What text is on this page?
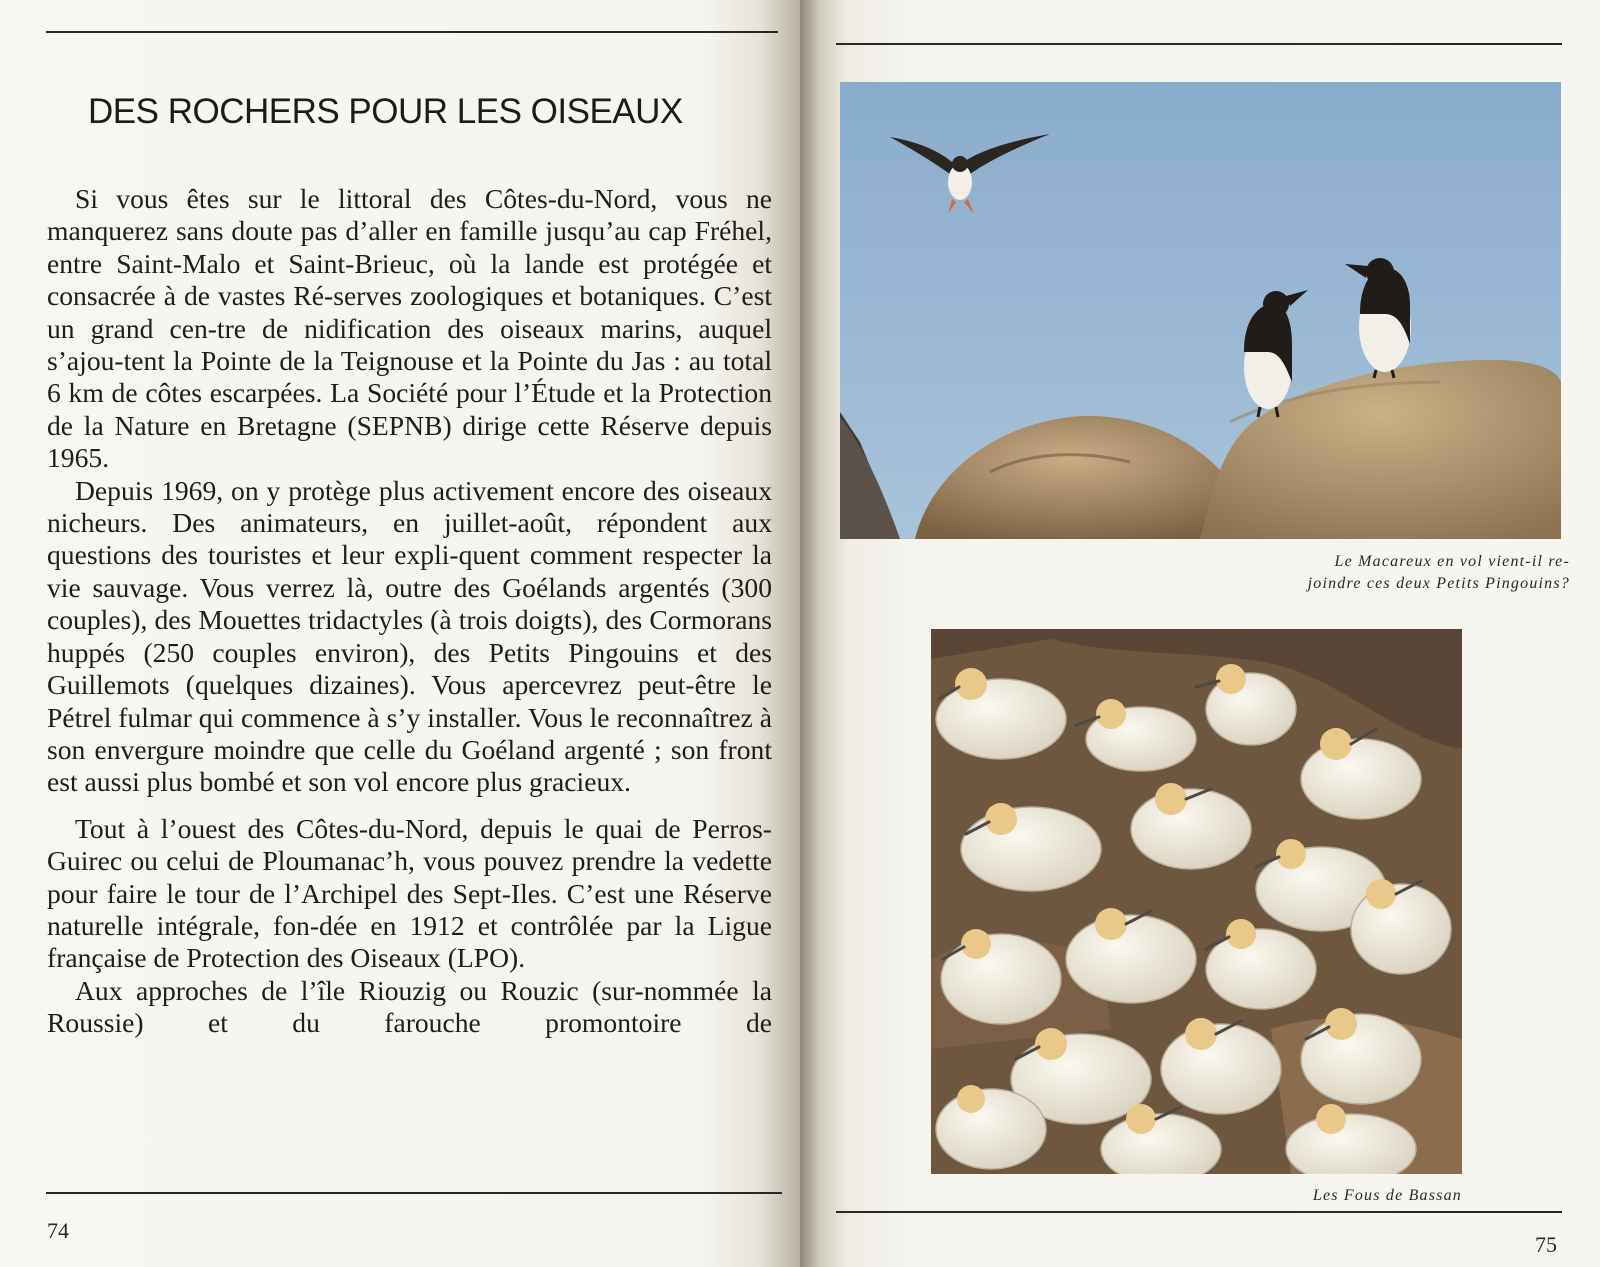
DES ROCHERS POUR LES OISEAUX

Si vous êtes sur le littoral des Côtes-du-Nord, vous ne manquerez sans doute pas d’aller en famille jusqu’au cap Fréhel, entre Saint-Malo et Saint-Brieuc, où la lande est protégée et consacrée à de vastes Ré-serves zoologiques et botaniques. C’est un grand cen-tre de nidification des oiseaux marins, auquel s’ajou-tent la Pointe de la Teignouse et la Pointe du Jas : au total 6 km de côtes escarpées. La Société pour l’Étude et la Protection de la Nature en Bretagne (SEPNB) dirige cette Réserve depuis 1965.

Depuis 1969, on y protège plus activement encore des oiseaux nicheurs. Des animateurs, en juillet-août, répondent aux questions des touristes et leur expli-quent comment respecter la vie sauvage. Vous verrez là, outre des Goélands argentés (300 couples), des Mouettes tridactyles (à trois doigts), des Cormorans huppés (250 couples environ), des Petits Pingouins et des Guillemots (quelques dizaines). Vous apercevrez peut-être le Pétrel fulmar qui commence à s’y installer. Vous le reconnaîtrez à son envergure moindre que celle du Goéland argenté ; son front est aussi plus bombé et son vol encore plus gracieux.

Tout à l’ouest des Côtes-du-Nord, depuis le quai de Perros-Guirec ou celui de Ploumanac’h, vous pouvez prendre la vedette pour faire le tour de l’Archipel des Sept-Iles. C’est une Réserve naturelle intégrale, fon-dée en 1912 et contrôlée par la Ligue française de Protection des Oiseaux (LPO).

Aux approches de l’île Riouzig ou Rouzic (sur-nommée la Roussie) et du farouche promontoire de

74
Le Macareux en vol vient-il re-
joindre ces deux Petits Pingouins?
Les Fous de Bassan
75
